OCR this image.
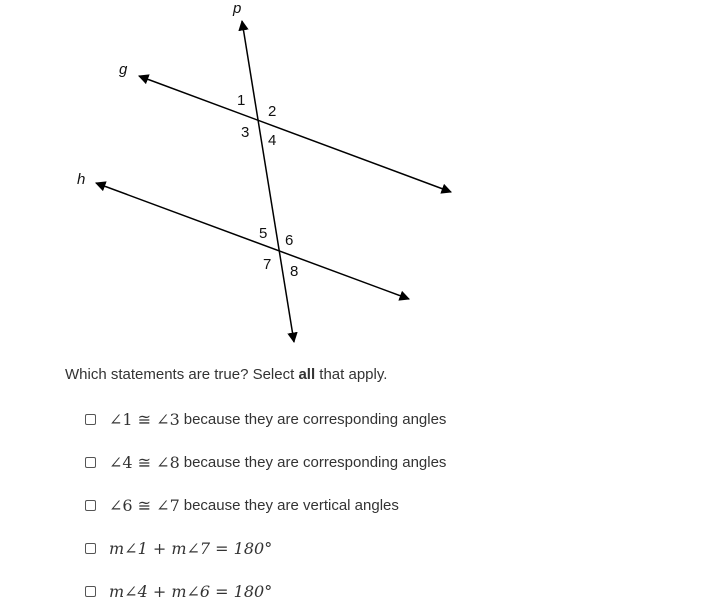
p
g
h
1
2
3 4
5 6
7 8
Which statements are true? Select all that apply.
∠1 ≅ ∠3 because they are corresponding angles
∠4 ≅ ∠8 because they are corresponding angles
∠6 ≅ ∠7 because they are vertical angles
m∠1 + m∠7 = 180°
m∠4 + m∠6 = 180°
